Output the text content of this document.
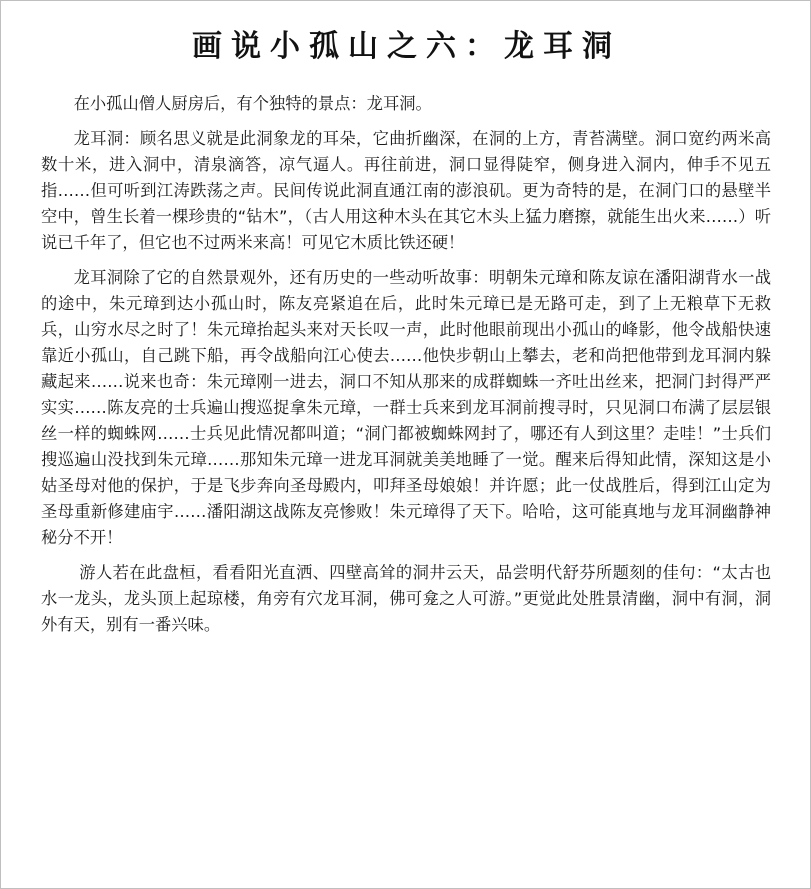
画说小孤山之六：龙耳洞

在小孤山僧人厨房后，有个独特的景点：龙耳洞。

龙耳洞：顾名思义就是此洞象龙的耳朵，它曲折幽深，在洞的上方，青苔满壁。洞口宽约两米高数十米，进入洞中，清泉滴答，凉气逼人。再往前进，洞口显得陡窄，侧身进入洞内，伸手不见五指……但可听到江涛跌荡之声。民间传说此洞直通江南的澎浪矶。更为奇特的是，在洞门口的悬壁半空中，曾生长着一棵珍贵的“钻木”，（古人用这种木头在其它木头上猛力磨擦，就能生出火来……）听说已千年了，但它也不过两米来高！可见它木质比铁还硬！

龙耳洞除了它的自然景观外，还有历史的一些动听故事：明朝朱元璋和陈友谅在潘阳湖背水一战的途中，朱元璋到达小孤山时，陈友亮紧追在后，此时朱元璋已是无路可走，到了上无粮草下无救兵，山穷水尽之时了！朱元璋抬起头来对天长叹一声，此时他眼前现出小孤山的峰影，他令战船快速靠近小孤山，自己跳下船，再令战船向江心使去……他快步朝山上攀去，老和尚把他带到龙耳洞内躲藏起来……说来也奇：朱元璋刚一进去，洞口不知从那来的成群蜘蛛一齐吐出丝来，把洞门封得严严实实……陈友亮的士兵遍山搜巡捉拿朱元璋，一群士兵来到龙耳洞前搜寻时，只见洞口布满了层层银丝一样的蜘蛛网……士兵见此情况都叫道；“洞门都被蜘蛛网封了，哪还有人到这里？走哇！”士兵们搜巡遍山没找到朱元璋……那知朱元璋一进龙耳洞就美美地睡了一觉。醒来后得知此情，深知这是小姑圣母对他的保护，于是飞步奔向圣母殿内，叩拜圣母娘娘！并许愿；此一仗战胜后，得到江山定为圣母重新修建庙宇……潘阳湖这战陈友亮惨败！朱元璋得了天下。哈哈，这可能真地与龙耳洞幽静神秘分不开！

游人若在此盘桓，看看阳光直洒、四壁高耸的洞井云天，品尝明代舒芬所题刻的佳句：“太古也水一龙头，龙头顶上起琼楼，角旁有穴龙耳洞，佛可龛之人可游。”更觉此处胜景清幽，洞中有洞，洞外有天，别有一番兴味。
